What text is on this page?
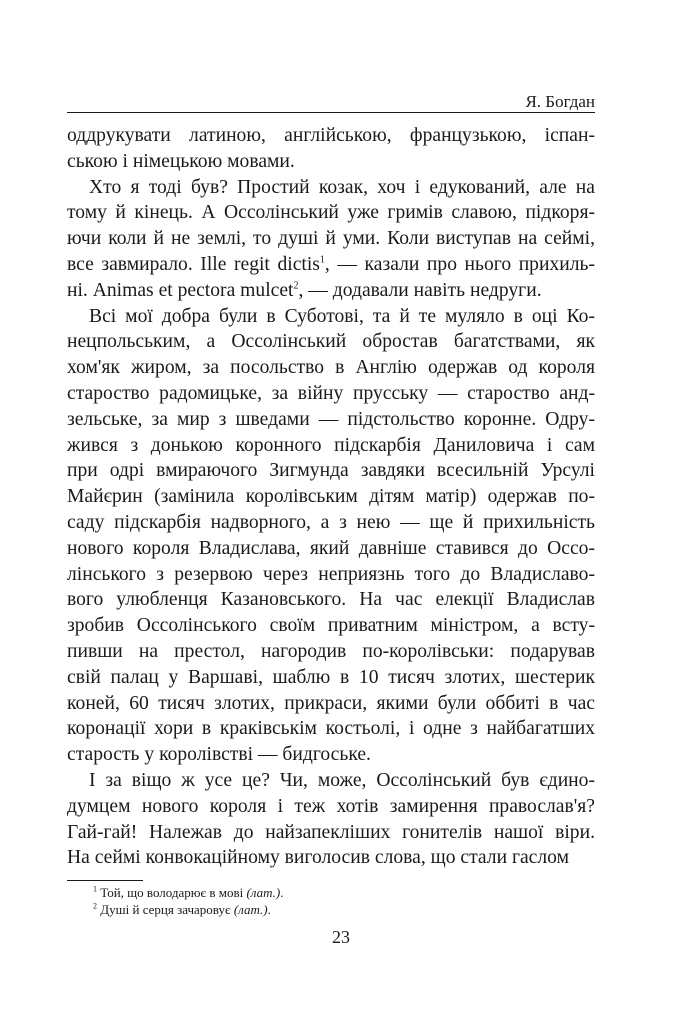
Я. Богдан

оддрукувати латиною, англійською, французькою, іспан-
ською і німецькою мовами.

Хто я тоді був? Простий козак, хоч і едукований, але на
тому й кінець. А Оссолінський уже гримів славою, підкоря-
ючи коли й не землі, то душі й уми. Коли виступав на сеймі,
все завмирало. Ille regit dictis$^1$, — казали про нього прихиль-
ні. Animas et pectora mulcet$^2$, — додавали навіть недруги.

Всі мої добра були в Суботові, та й те муляло в оці Ко-
нецпольським, а Оссолінський обростав багатствами, як
хом'як жиром, за посольство в Англію одержав од короля
староство радомицьке, за війну прусську — староство анд-
зельське, за мир з шведами — підстольство коронне. Одру-
жився з донькою коронного підскарбія Даниловича і сам
при одрі вмираючого Зигмунда завдяки всесильній Урсулі
Майєрин (замінила королівським дітям матір) одержав по-
саду підскарбія надворного, а з нею — ще й прихильність
нового короля Владислава, який давніше ставився до Оссо-
лінського з резервою через неприязнь того до Владиславо-
вого улюбленця Казановського. На час елекції Владислав
зробив Оссолінського своїм приватним міністром, а всту-
пивши на престол, нагородив по-королівськи: подарував
свій палац у Варшаві, шаблю в 10 тисяч злотих, шестерик
коней, 60 тисяч злотих, прикраси, якими були оббиті в час
коронації хори в краківськім костьолі, і одне з найбагатших
старость у королівстві — бидгоське.

І за віщо ж усе це? Чи, може, Оссолінський був єдино-
думцем нового короля і теж хотів замирення православ'я?
Гай-гай! Належав до найзапекліших гонителів нашої віри.
На сеймі конвокаційному виголосив слова, що стали гаслом

$^1$ Той, що володарює в мові (лат.).
$^2$ Душі й серця зачаровує (лат.).
23
